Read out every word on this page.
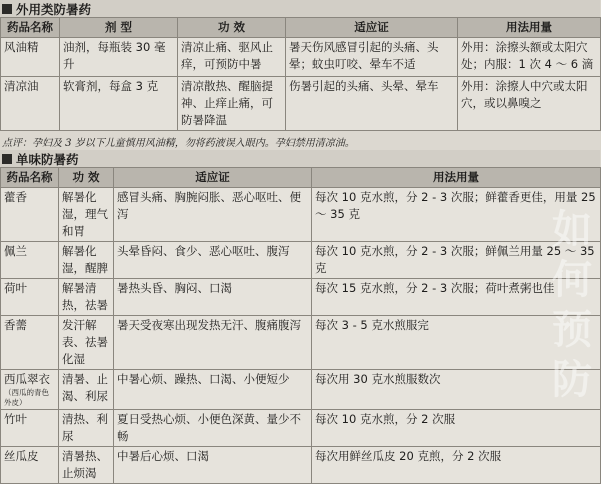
外用类防暑药
药品名称	剂 型	功 效	适应证	用法用量
风油精	油剂，每瓶装 30 毫升	清凉止痛、驱风止痒，可预防中暑	暑天伤风感冒引起的头痛、头晕；蚊虫叮咬、晕车不适	外用：涂擦头额或太阳穴处；内服：1 次 4 ～ 6 滴
清凉油	软膏剂，每盒 3 克	清凉散热、醒脑提神、止痒止痛，可防暑降温	伤暑引起的头痛、头晕、晕车	外用：涂擦人中穴或太阳穴，或以鼻嗅之
点评：孕妇及 3 岁以下儿童慎用风油精，勿将药液误入眼内。孕妇禁用清凉油。
单味防暑药
药品名称	功 效	适应证	用法用量
藿香	解暑化湿，理气和胃	感冒头痛、胸腕闷胀、恶心呕吐、便泻	每次 10 克水煎，分 2 - 3 次服；鲜藿香更佳，用量 25 ～ 35 克
佩兰	解暑化湿，醒脾	头晕昏闷、食少、恶心呕吐、腹泻	每次 10 克水煎，分 2 - 3 次服；鲜佩兰用量 25 ～ 35 克
荷叶	解暑清热，祛暑	暑热头昏、胸闷、口渴	每次 15 克水煎，分 2 - 3 次服；荷叶煮粥也佳
香薷	发汗解表、祛暑化湿	暑天受夜寒出现发热无汗、腹痛腹泻	每次 3 - 5 克水煎服完
西瓜翠衣
（西瓜的青色外皮）	清暑、止渴、利尿	中暑心烦、躁热、口渴、小便短少	每次用 30 克水煎服数次
竹叶	清热、利尿	夏日受热心烦、小便色深黄、量少不畅	每次 10 克水煎，分 2 次服
丝瓜皮	清暑热、止烦渴	中暑后心烦、口渴	每次用鲜丝瓜皮 20 克煎，分 2 次服
如何预防
